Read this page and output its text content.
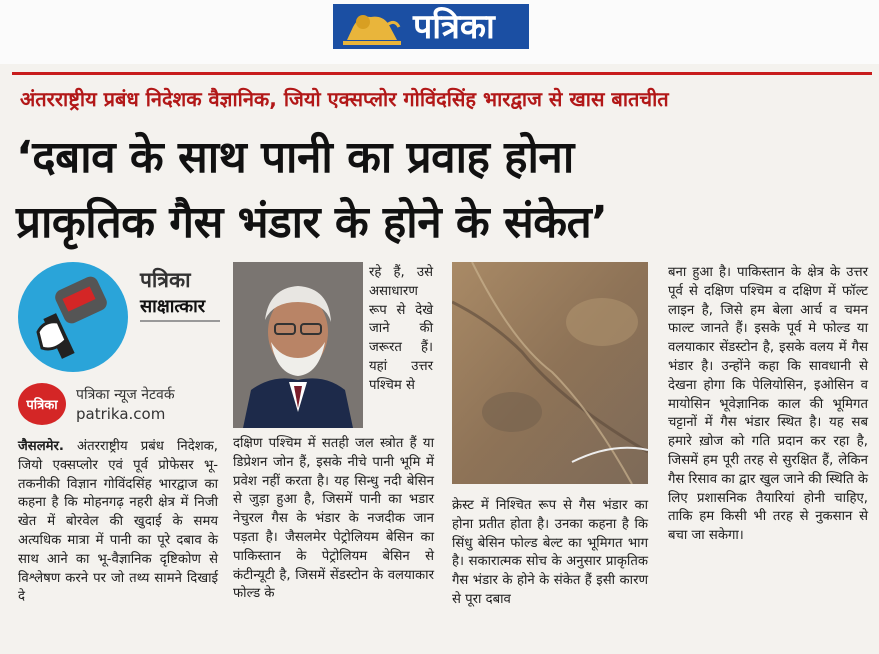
पत्रिका
अंतरराष्ट्रीय प्रबंध निदेशक वैज्ञानिक, जियो एक्सप्लोर गोविंदसिंह भारद्वाज से खास बातचीत
‘दबाव के साथ पानी का प्रवाह होना
प्राकृतिक गैस भंडार के होने के संकेत’
पत्रिका
साक्षात्कार
पत्रिका
पत्रिका न्यूज नेटवर्क
patrika.com
जैसलमेर. अंतरराष्ट्रीय प्रबंध निदेशक, जियो एक्सप्लोर एवं पूर्व प्रोफेसर भू-तकनीकी विज्ञान गोविंदसिंह भारद्वाज का कहना है कि मोहनगढ़ नहरी क्षेत्र में निजी खेत में बोरवेल की खुदाई के समय अत्यधिक मात्रा में पानी का पूरे दबाव के साथ आने का भू-वैज्ञानिक दृष्टिकोण से विश्लेषण करने पर जो तथ्य सामने दिखाई दे
रहे हैं, उसे असाधारण रूप से देखे जाने की जरूरत हैं। यहां उत्तर पश्चिम से
दक्षिण पश्चिम में सतही जल स्त्रोत हैं या डिप्रेशन जोन हैं, इसके नीचे पानी भूमि में प्रवेश नहीं करता है। यह सिन्धु नदी बेसिन से जुड़ा हुआ है, जिसमें पानी का भडार नेचुरल गैस के भंडार के नजदीक जान पड़ता है। जैसलमेर पेट्रोलियम बेसिन का पाकिस्तान के पेट्रोलियम बेसिन से कंटीन्यूटी है, जिसमें सेंडस्टोन के वलयाकार फोल्ड के
क्रेस्ट में निश्चित रूप से गैस भंडार का होना प्रतीत होता है। उनका कहना है कि सिंधु बेसिन फोल्ड बेल्ट का भूमिगत भाग है। सकारात्मक सोच के अनुसार प्राकृतिक गैस भंडार के होने के संकेत हैं इसी कारण से पूरा दबाव
बना हुआ है। पाकिस्तान के क्षेत्र के उत्तर पूर्व से दक्षिण पश्चिम व दक्षिण में फॉल्ट लाइन है, जिसे हम बेला आर्च व चमन फाल्ट जानते हैं। इसके पूर्व मे फोल्ड या वलयाकार सेंडस्टोन है, इसके वलय में गैस भंडार है। उन्होंने कहा कि सावधानी से देखना होगा कि पेलियोसिन, इओसिन व मायोसिन भूवेज्ञानिक काल की भूमिगत चट्टानों में गैस भंडार स्थित है। यह सब हमारे ख़ोज को गति प्रदान कर रहा है, जिसमें हम पूरी तरह से सुरक्षित हैं, लेकिन गैस रिसाव का द्वार खुल जाने की स्थिति के लिए प्रशासनिक तैयारियां होनी चाहिए, ताकि हम किसी भी तरह से नुकसान से बचा जा सकेगा।
